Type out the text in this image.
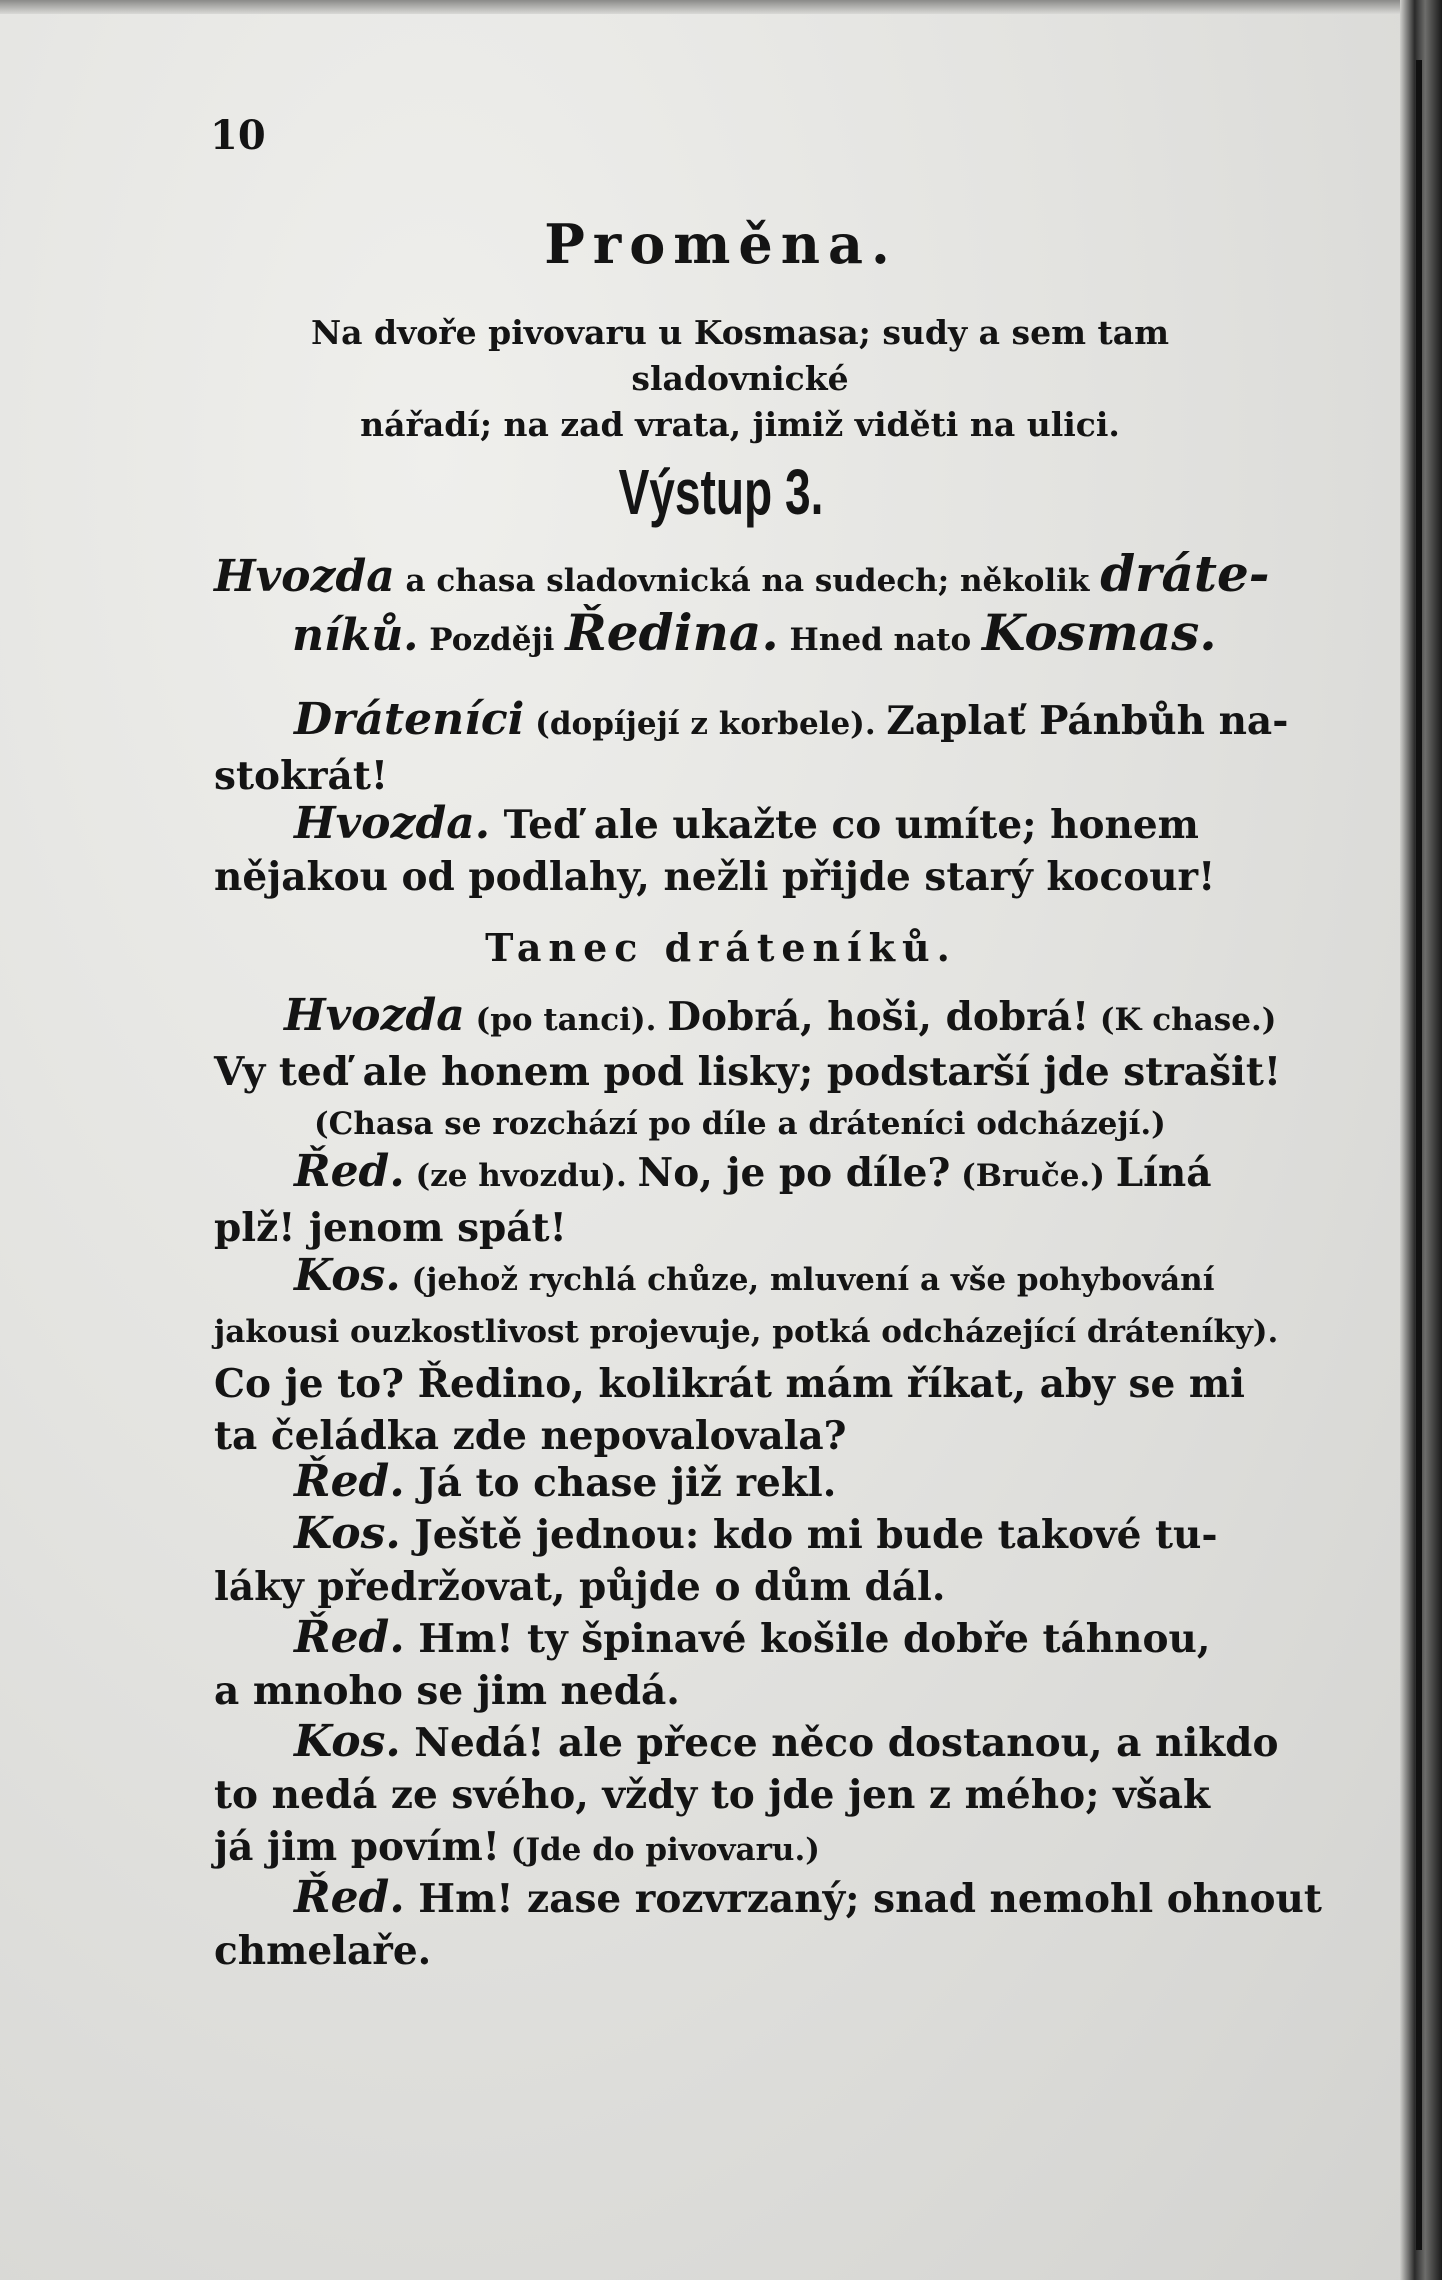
10
Proměna.
Na dvoře pivovaru u Kosmasa; sudy a sem tam sladovnické
nářadí; na zad vrata, jimiž viděti na ulici.
Výstup 3.
Hvozda a chasa sladovnická na sudech; několik dráte-
níků. Později Ředina. Hned nato Kosmas.
Dráteníci (dopíjejí z korbele). Zaplať Pánbůh na-
stokrát!
Hvozda. Teď ale ukažte co umíte; honem
nějakou od podlahy, nežli přijde starý kocour!
Tanec dráteníků.
Hvozda (po tanci). Dobrá, hoši, dobrá! (K chase.)
Vy teď ale honem pod lisky; podstarší jde strašit!
(Chasa se rozchází po díle a dráteníci odcházejí.)
Řed. (ze hvozdu). No, je po díle? (Bruče.) Líná
plž! jenom spát!
Kos. (jehož rychlá chůze, mluvení a vše pohybování
jakousi ouzkostlivost projevuje, potká odcházející dráteníky).
Co je to? Ředino, kolikrát mám říkat, aby se mi
ta čeládka zde nepovalovala?
Řed. Já to chase již rekl.
Kos. Ještě jednou: kdo mi bude takové tu-
láky předržovat, půjde o dům dál.
Řed. Hm! ty špinavé košile dobře táhnou,
a mnoho se jim nedá.
Kos. Nedá! ale přece něco dostanou, a nikdo
to nedá ze svého, vždy to jde jen z mého; však
já jim povím! (Jde do pivovaru.)
Řed. Hm! zase rozvrzaný; snad nemohl ohnout
chmelaře.
